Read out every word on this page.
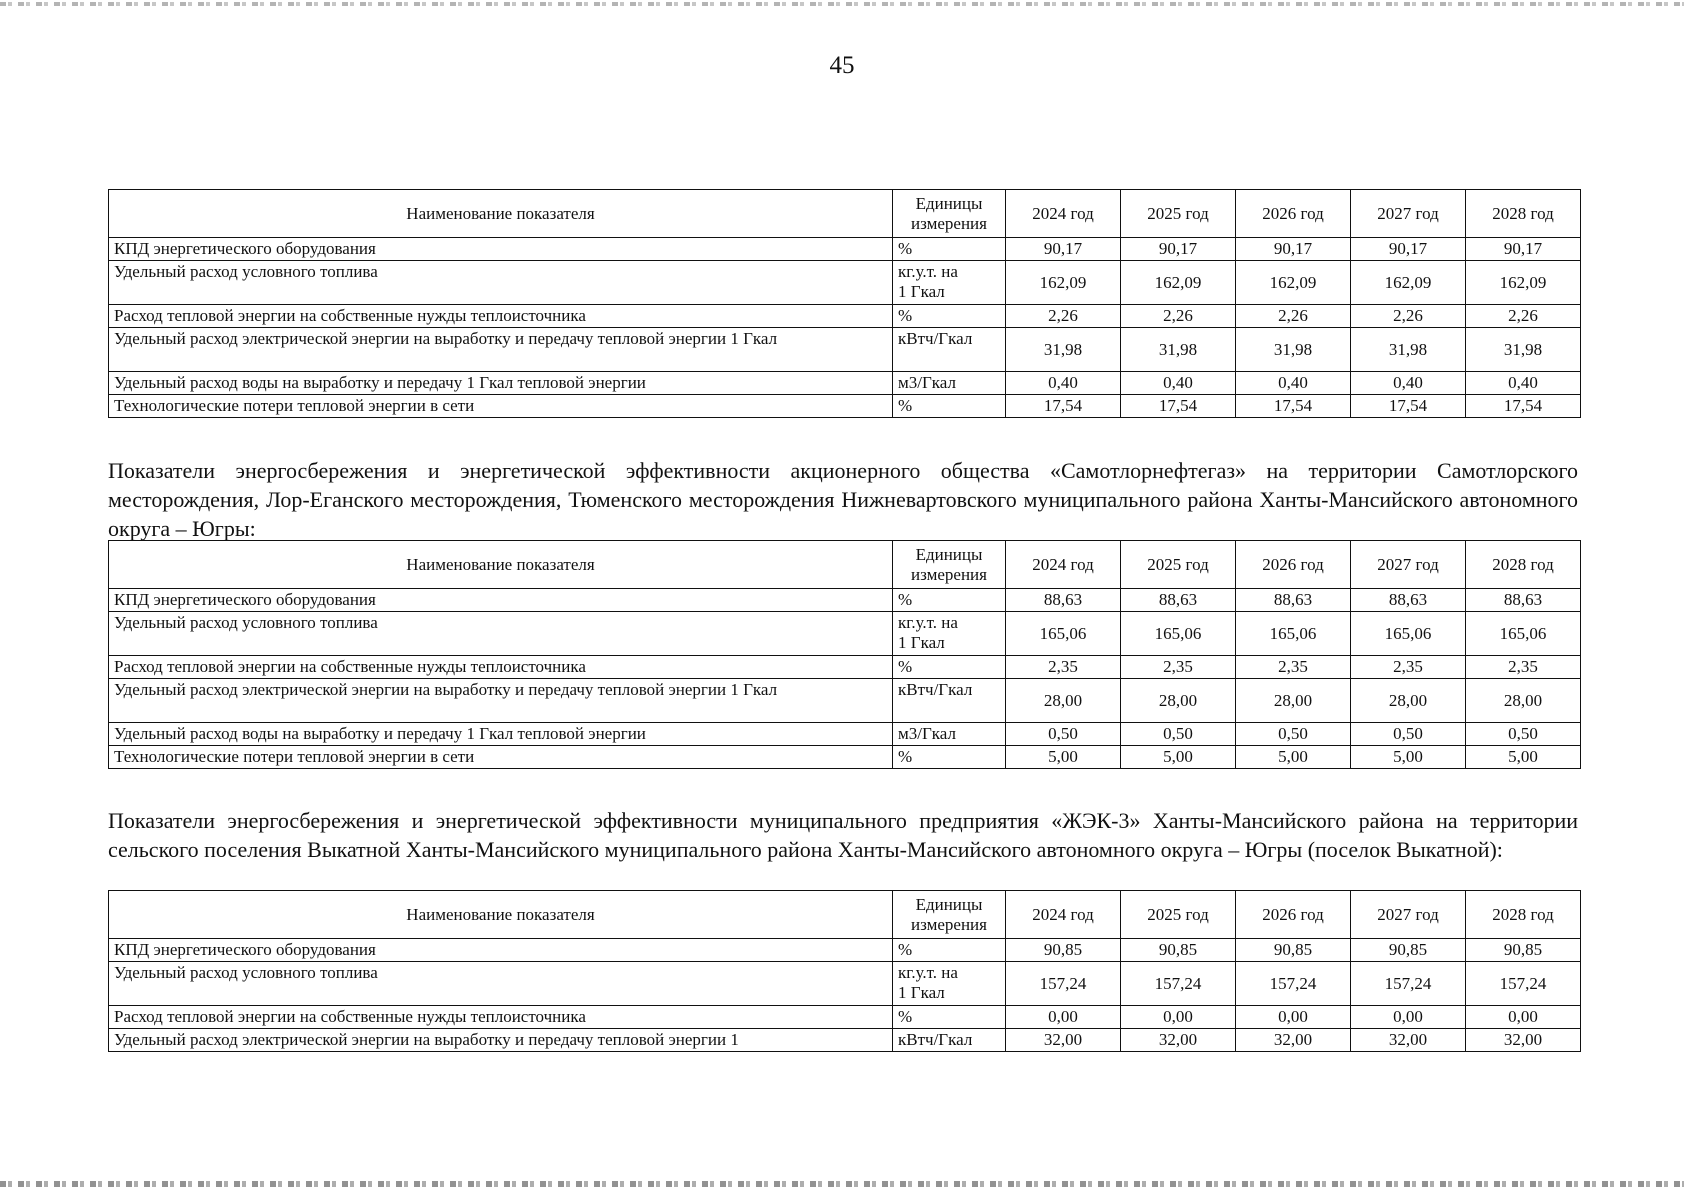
45
Наименование показателя	Единицы
измерения	2024 год	2025 год	2026 год	2027 год	2028 год
КПД энергетического оборудования	%	90,17	90,17	90,17	90,17	90,17
Удельный расход условного топлива	кг.у.т. на
1 Гкал	162,09	162,09	162,09	162,09	162,09
Расход тепловой энергии на собственные нужды теплоисточника	%	2,26	2,26	2,26	2,26	2,26
Удельный расход электрической энергии на выработку и передачу тепловой энергии 1 Гкал	кВтч/Гкал	31,98	31,98	31,98	31,98	31,98
Удельный расход воды на выработку и передачу 1 Гкал тепловой энергии	м3/Гкал	0,40	0,40	0,40	0,40	0,40
Технологические потери тепловой энергии в сети	%	17,54	17,54	17,54	17,54	17,54
Показатели энергосбережения и энергетической эффективности акционерного общества «Самотлорнефтегаз» на территории Самотлорского месторождения, Лор-Еганского месторождения, Тюменского месторождения Нижневартовского муниципального района Ханты-Мансийского автономного округа – Югры:
Наименование показателя	Единицы
измерения	2024 год	2025 год	2026 год	2027 год	2028 год
КПД энергетического оборудования	%	88,63	88,63	88,63	88,63	88,63
Удельный расход условного топлива	кг.у.т. на
1 Гкал	165,06	165,06	165,06	165,06	165,06
Расход тепловой энергии на собственные нужды теплоисточника	%	2,35	2,35	2,35	2,35	2,35
Удельный расход электрической энергии на выработку и передачу тепловой энергии 1 Гкал	кВтч/Гкал	28,00	28,00	28,00	28,00	28,00
Удельный расход воды на выработку и передачу 1 Гкал тепловой энергии	м3/Гкал	0,50	0,50	0,50	0,50	0,50
Технологические потери тепловой энергии в сети	%	5,00	5,00	5,00	5,00	5,00
Показатели энергосбережения и энергетической эффективности муниципального предприятия «ЖЭК-3» Ханты-Мансийского района на территории сельского поселения Выкатной Ханты-Мансийского муниципального района Ханты-Мансийского автономного округа – Югры (поселок Выкатной):
Наименование показателя	Единицы
измерения	2024 год	2025 год	2026 год	2027 год	2028 год
КПД энергетического оборудования	%	90,85	90,85	90,85	90,85	90,85
Удельный расход условного топлива	кг.у.т. на
1 Гкал	157,24	157,24	157,24	157,24	157,24
Расход тепловой энергии на собственные нужды теплоисточника	%	0,00	0,00	0,00	0,00	0,00
Удельный расход электрической энергии на выработку и передачу тепловой энергии 1	кВтч/Гкал	32,00	32,00	32,00	32,00	32,00
